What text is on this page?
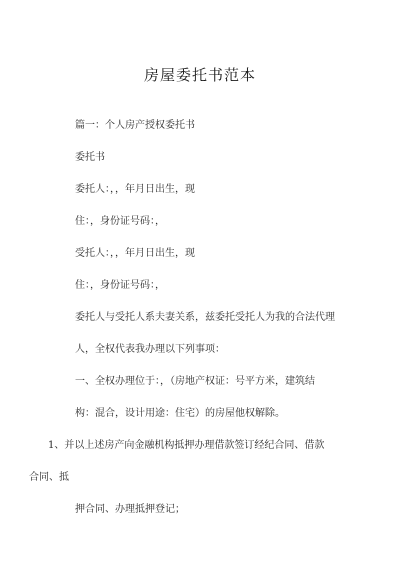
房屋委托书范本
篇一：个人房产授权委托书
委托书
委托人：，，年月日出生，现
住：，身份证号码：，
受托人：，，年月日出生，现
住：，身份证号码：，
委托人与受托人系夫妻关系，兹委托受托人为我的合法代理
人，全权代表我办理以下列事项：
一、全权办理位于：，（房地产权证：号平方米，建筑结
构：混合，设计用途：住宅）的房屋他权解除。
1、并以上述房产向金融机构抵押办理借款签订经纪合同、借款
合同、抵
押合同、办理抵押登记；
